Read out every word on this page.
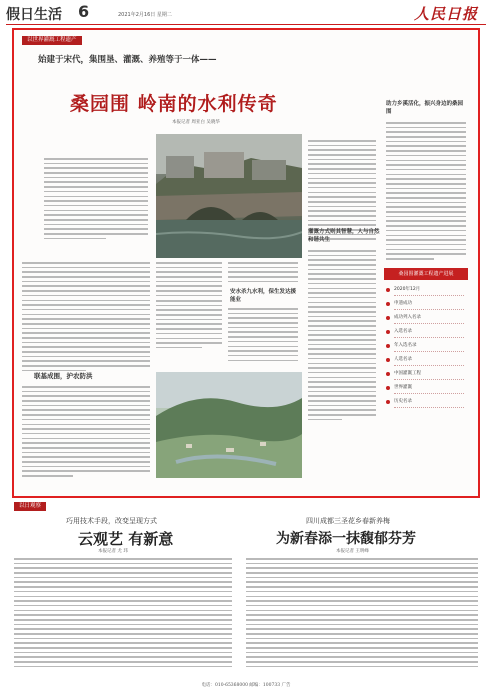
假日生活 6	2021年2月16日 星期二	人民日报
以世界灌溉工程遗产
始建于宋代，集围垦、灌溉、养殖等于一体——
桑园围 岭南的水利传奇
本报记者 周亚白 吴晓华
联基成围，护农防洪
安水杀九水利，保生发达援能业
灌溉方式则其智慧，人与自然和谐共生
助力乡溪活化，振兴身边的桑园围
桑园围灌溉工程遗产进展
2020年12月
申遗成功
成功列入名录
入选名录
年入选名录
人选名录
中国灌溉工程
世界灌溉
历史名录
以日观察
巧用技术手段，改变呈现方式
云观艺 有新意
本报记者 尤 玮
四川成都三圣花乡春新养梅
为新春添一抹馥郁芬芳
本报记者 王明峰
电话：010-65368000 邮编：100733 广告
